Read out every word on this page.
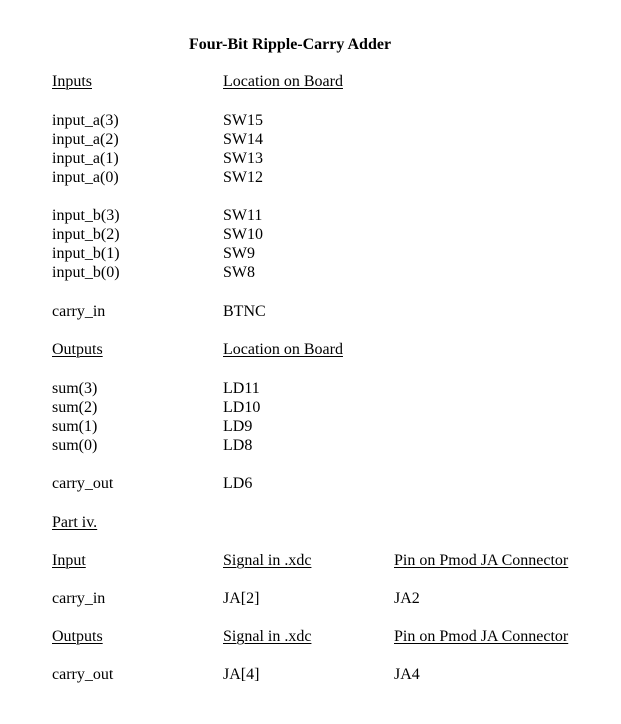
Four-Bit Ripple-Carry Adder
Inputs	Location on Board
input_a(3)	SW15
input_a(2)	SW14
input_a(1)	SW13
input_a(0)	SW12
input_b(3)	SW11
input_b(2)	SW10
input_b(1)	SW9
input_b(0)	SW8
carry_in	BTNC
Outputs	Location on Board
sum(3)	LD11
sum(2)	LD10
sum(1)	LD9
sum(0)	LD8
carry_out	LD6
Part iv.
Input	Signal in .xdc	Pin on Pmod JA Connector
carry_in	JA[2]	JA2
Outputs	Signal in .xdc	Pin on Pmod JA Connector
carry_out	JA[4]	JA4
